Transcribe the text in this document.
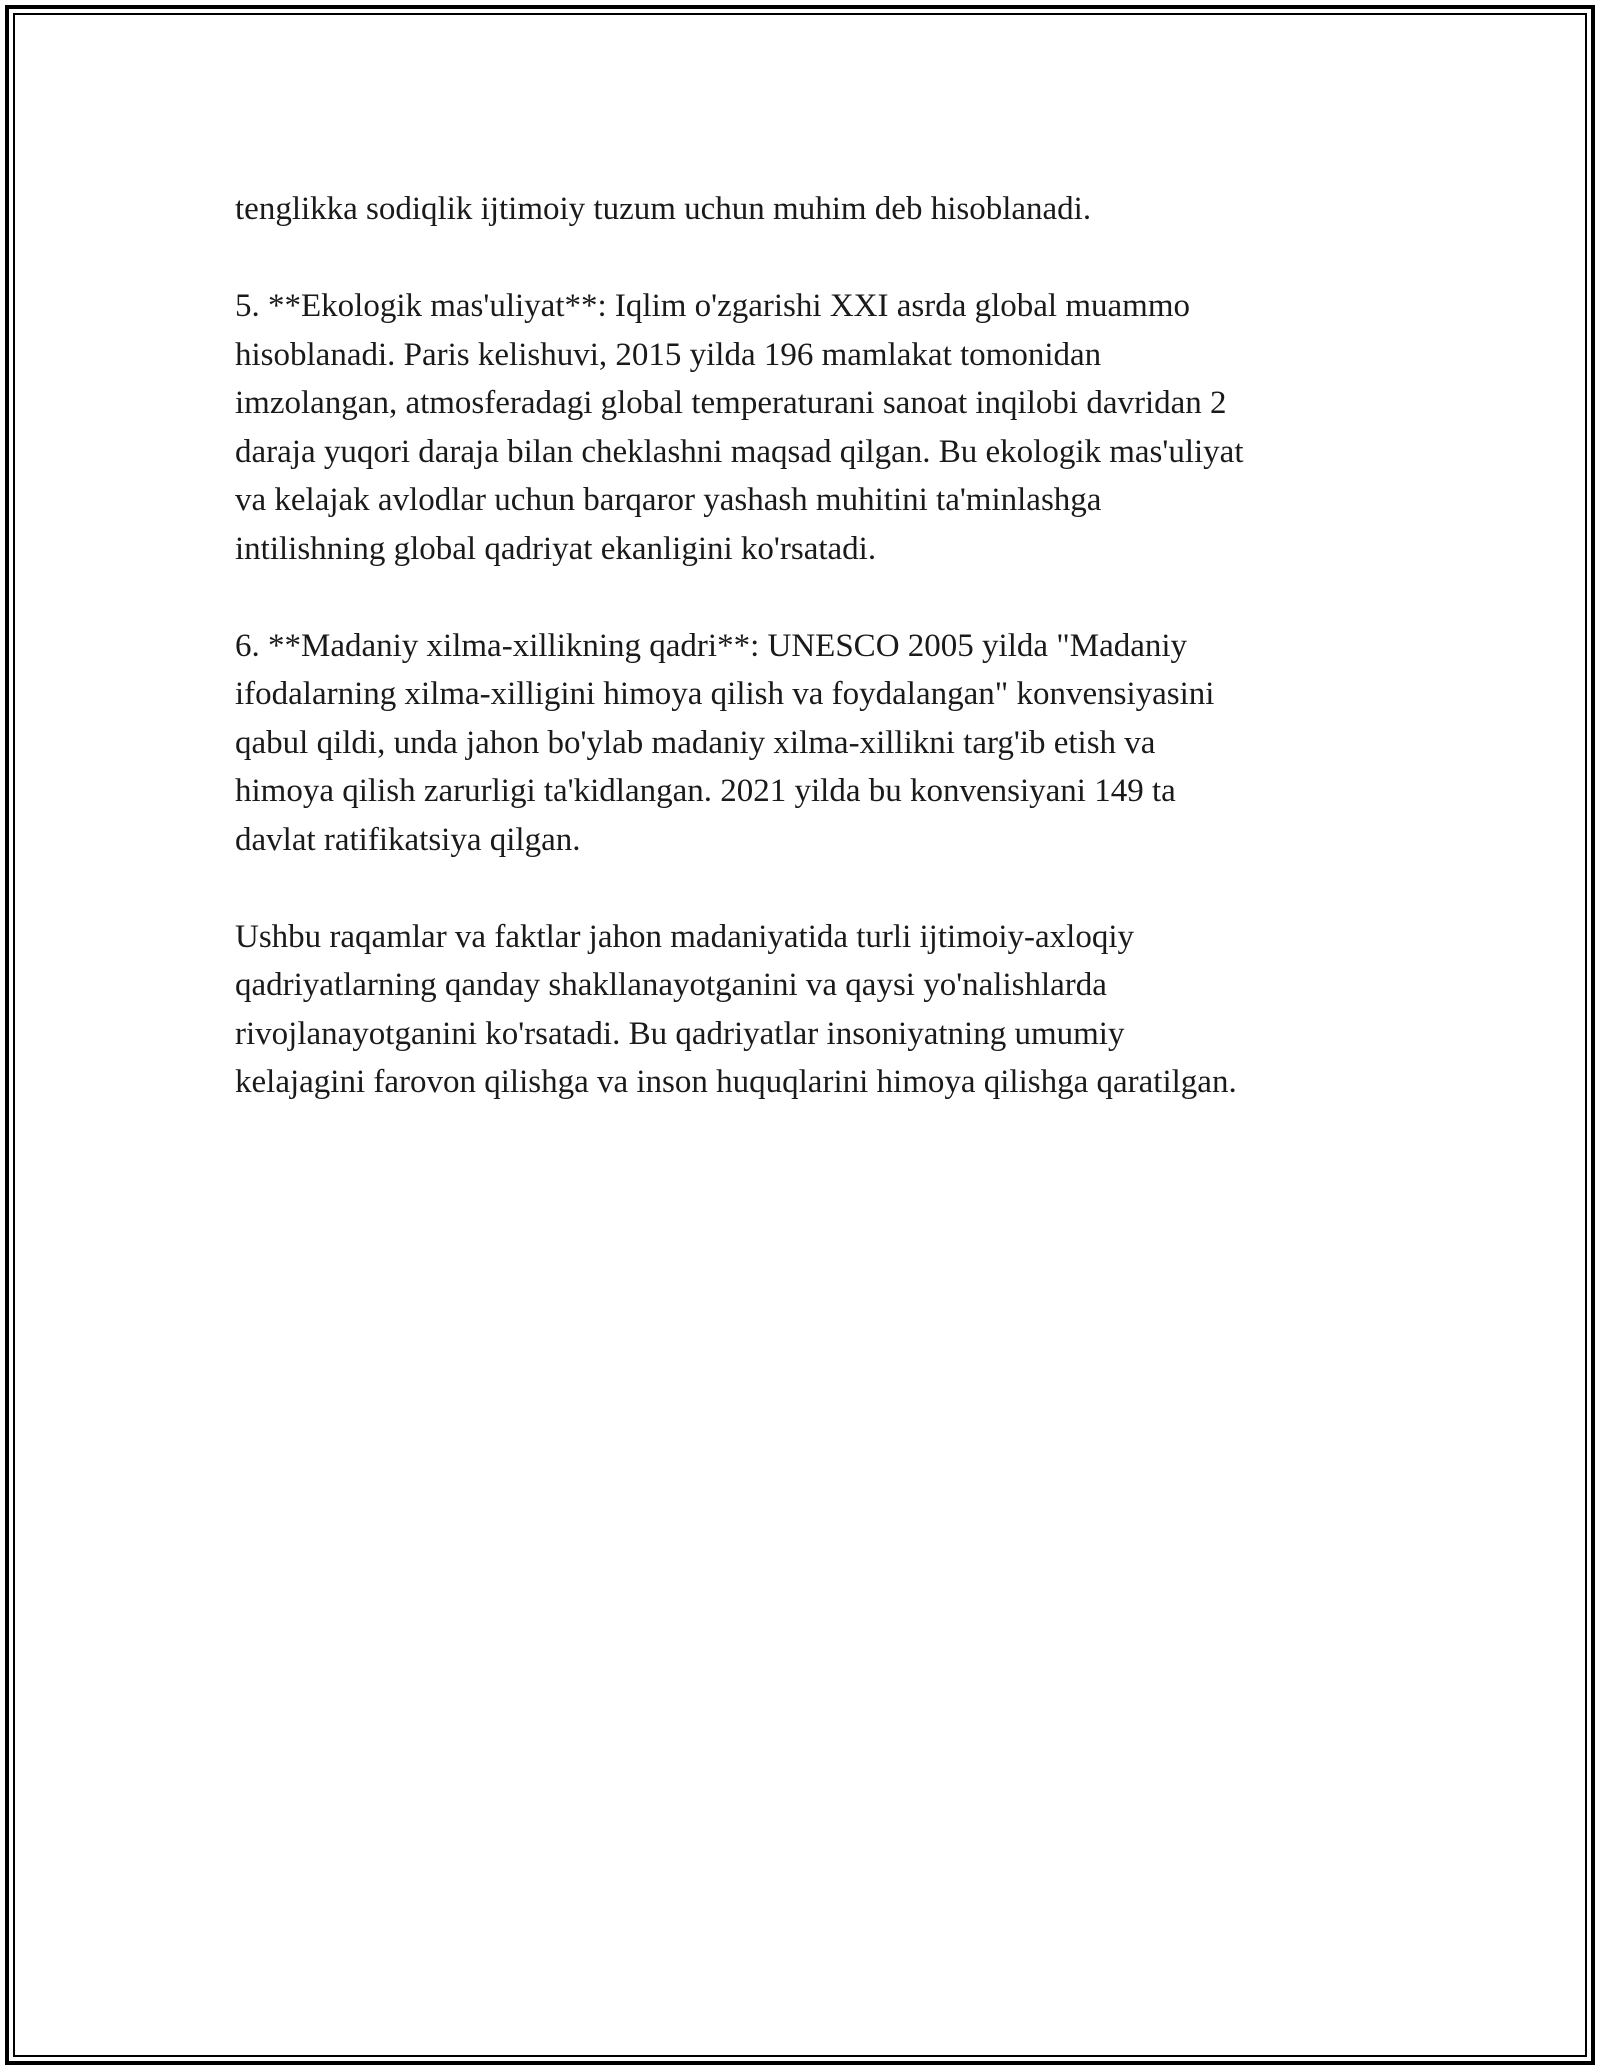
tenglikka sodiqlik ijtimoiy tuzum uchun muhim deb hisoblanadi.

5. **Ekologik mas'uliyat**: Iqlim o'zgarishi XXI asrda global muammo
hisoblanadi. Paris kelishuvi, 2015 yilda 196 mamlakat tomonidan
imzolangan, atmosferadagi global temperaturani sanoat inqilobi davridan 2
daraja yuqori daraja bilan cheklashni maqsad qilgan. Bu ekologik mas'uliyat
va kelajak avlodlar uchun barqaror yashash muhitini ta'minlashga
intilishning global qadriyat ekanligini ko'rsatadi.

6. **Madaniy xilma-xillikning qadri**: UNESCO 2005 yilda "Madaniy
ifodalarning xilma-xilligini himoya qilish va foydalangan" konvensiyasini
qabul qildi, unda jahon bo'ylab madaniy xilma-xillikni targ'ib etish va
himoya qilish zarurligi ta'kidlangan. 2021 yilda bu konvensiyani 149 ta
davlat ratifikatsiya qilgan.

Ushbu raqamlar va faktlar jahon madaniyatida turli ijtimoiy-axloqiy
qadriyatlarning qanday shakllanayotganini va qaysi yo'nalishlarda
rivojlanayotganini ko'rsatadi. Bu qadriyatlar insoniyatning umumiy
kelajagini farovon qilishga va inson huquqlarini himoya qilishga qaratilgan.
